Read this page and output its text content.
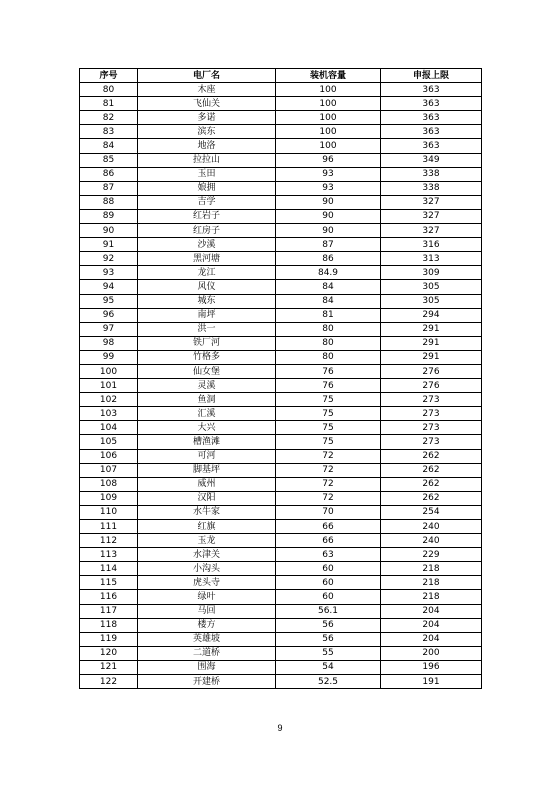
序号	电厂名	装机容量	申报上限
80	木座	100	363
81	飞仙关	100	363
82	多诺	100	363
83	滨东	100	363
84	地洛	100	363
85	拉拉山	96	349
86	玉田	93	338
87	娘拥	93	338
88	吉学	90	327
89	红岩子	90	327
90	红房子	90	327
91	沙溪	87	316
92	黑河塘	86	313
93	龙江	84.9	309
94	风仪	84	305
95	城东	84	305
96	南坪	81	294
97	洪一	80	291
98	铁厂河	80	291
99	竹格多	80	291
100	仙女堡	76	276
101	灵溪	76	276
102	鱼洞	75	273
103	汇溪	75	273
104	大兴	75	273
105	槽渔滩	75	273
106	可河	72	262
107	脚基坪	72	262
108	威州	72	262
109	汉阳	72	262
110	水牛家	70	254
111	红旗	66	240
112	玉龙	66	240
113	水津关	63	229
114	小沟头	60	218
115	虎头寺	60	218
116	绿叶	60	218
117	马回	56.1	204
118	楼方	56	204
119	英雄坡	56	204
120	二道桥	55	200
121	围海	54	196
122	开建桥	52.5	191
9
